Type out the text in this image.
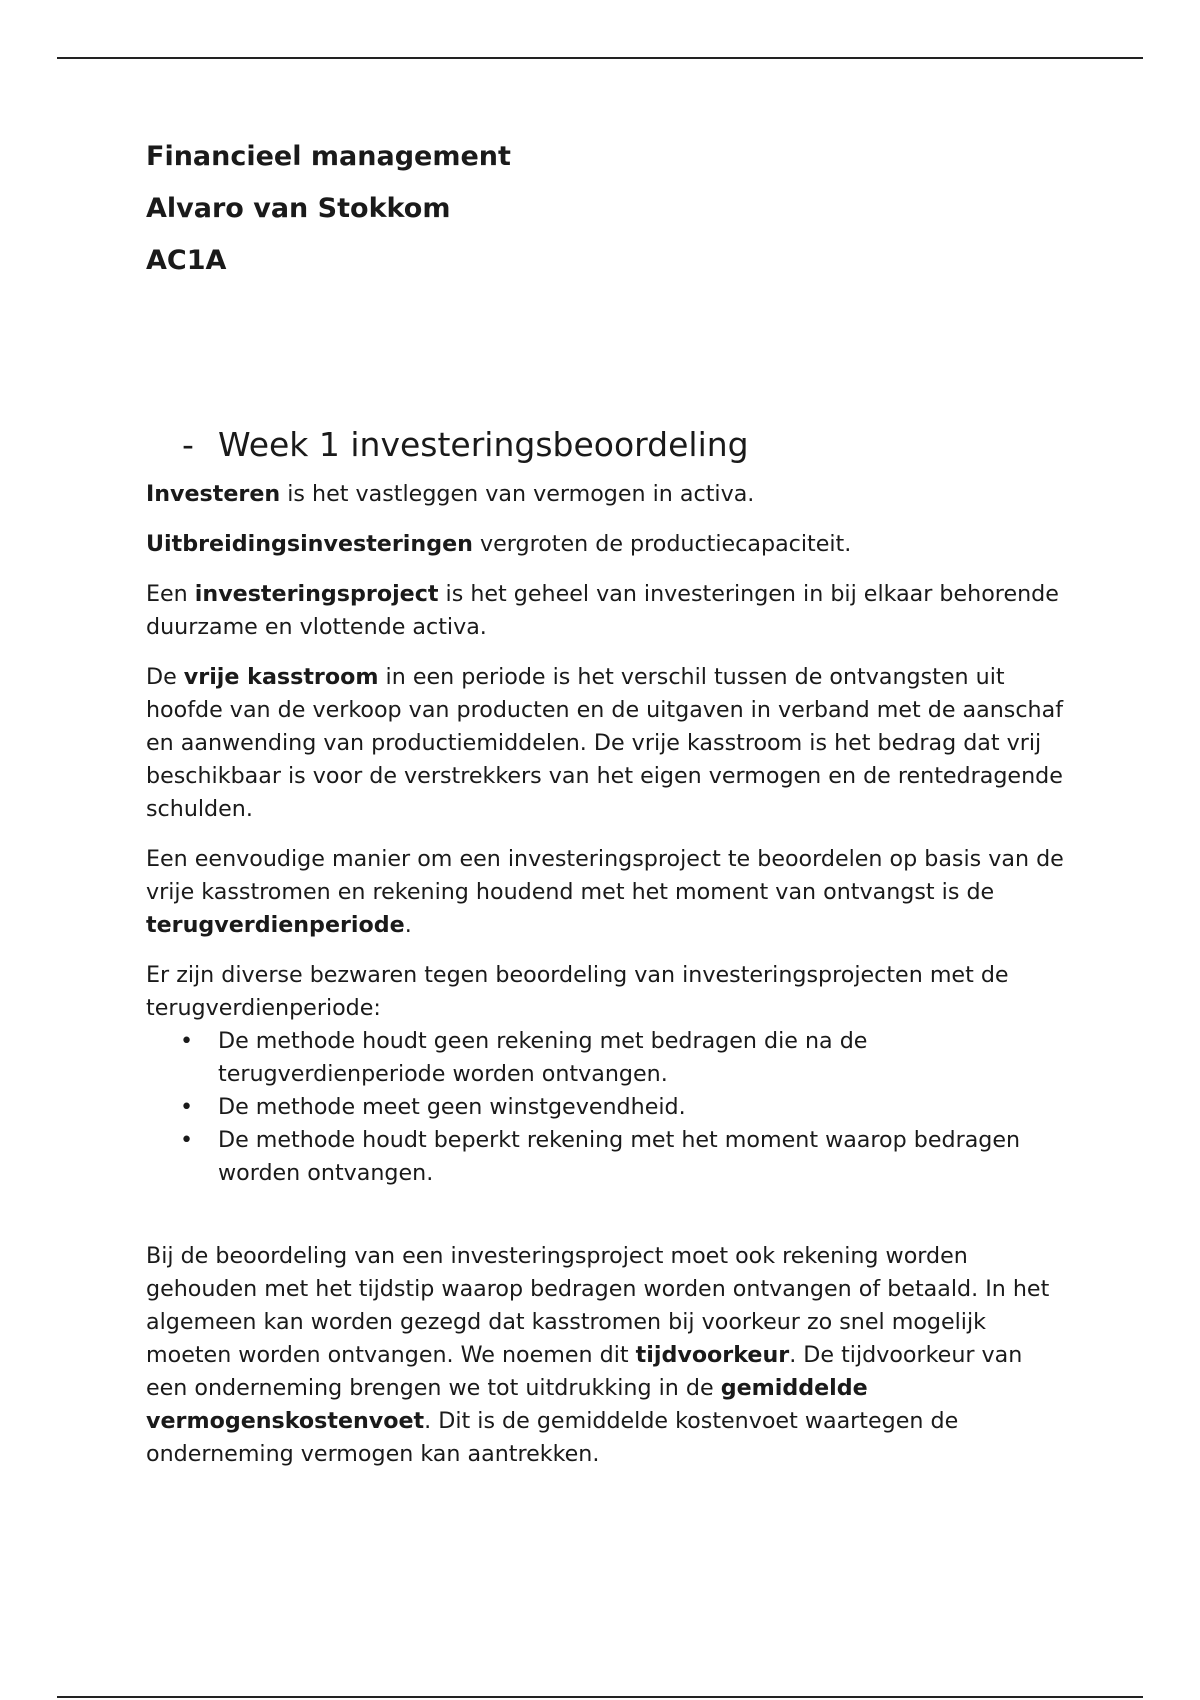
Financieel management

Alvaro van Stokkom

AC1A

- Week 1 investeringsbeoordeling

Investeren is het vastleggen van vermogen in activa.

Uitbreidingsinvesteringen vergroten de productiecapaciteit.

Een investeringsproject is het geheel van investeringen in bij elkaar behorende duurzame en vlottende activa.

De vrije kasstroom in een periode is het verschil tussen de ontvangsten uit hoofde van de verkoop van producten en de uitgaven in verband met de aanschaf en aanwending van productiemiddelen. De vrije kasstroom is het bedrag dat vrij beschikbaar is voor de verstrekkers van het eigen vermogen en de rentedragende schulden.

Een eenvoudige manier om een investeringsproject te beoordelen op basis van de vrije kasstromen en rekening houdend met het moment van ontvangst is de terugverdienperiode.

Er zijn diverse bezwaren tegen beoordeling van investeringsprojecten met de terugverdienperiode:

• De methode houdt geen rekening met bedragen die na de terugverdienperiode worden ontvangen.
• De methode meet geen winstgevendheid.
• De methode houdt beperkt rekening met het moment waarop bedragen worden ontvangen.

Bij de beoordeling van een investeringsproject moet ook rekening worden gehouden met het tijdstip waarop bedragen worden ontvangen of betaald. In het algemeen kan worden gezegd dat kasstromen bij voorkeur zo snel mogelijk moeten worden ontvangen. We noemen dit tijdvoorkeur. De tijdvoorkeur van een onderneming brengen we tot uitdrukking in de gemiddelde vermogenskostenvoet. Dit is de gemiddelde kostenvoet waartegen de onderneming vermogen kan aantrekken.
